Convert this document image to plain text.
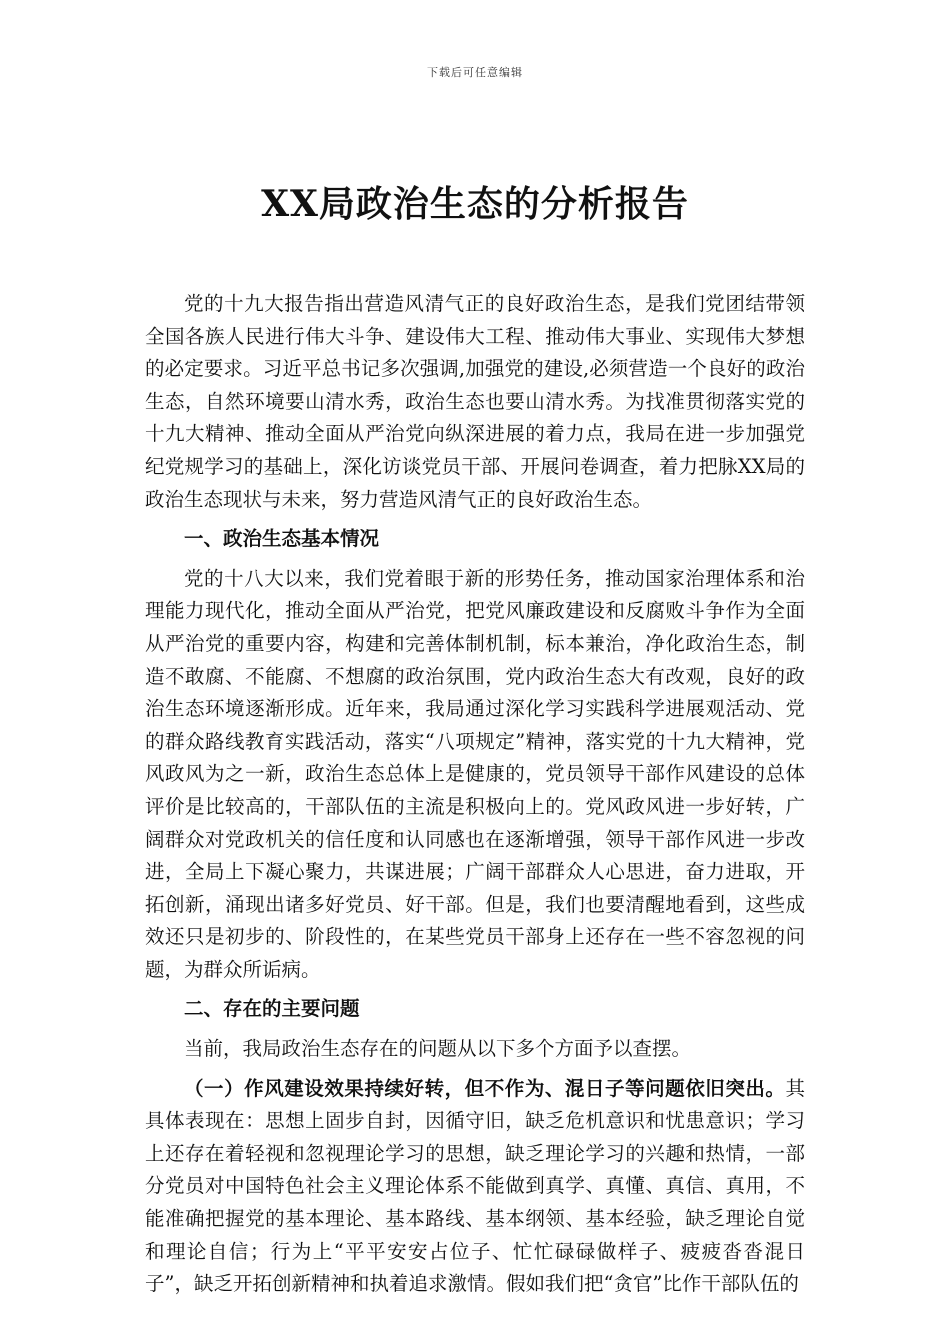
下载后可任意编辑
XX局政治生态的分析报告

党的十九大报告指出营造风清气正的良好政治生态，是我们党团结带领全国各族人民进行伟大斗争、建设伟大工程、推动伟大事业、实现伟大梦想的必定要求。习近平总书记多次强调,加强党的建设,必须营造一个良好的政治生态，自然环境要山清水秀，政治生态也要山清水秀。为找准贯彻落实党的十九大精神、推动全面从严治党向纵深进展的着力点，我局在进一步加强党纪党规学习的基础上，深化访谈党员干部、开展问卷调查，着力把脉XX局的政治生态现状与未来，努力营造风清气正的良好政治生态。

一、政治生态基本情况

党的十八大以来，我们党着眼于新的形势任务，推动国家治理体系和治理能力现代化，推动全面从严治党，把党风廉政建设和反腐败斗争作为全面从严治党的重要内容，构建和完善体制机制，标本兼治，净化政治生态，制造不敢腐、不能腐、不想腐的政治氛围，党内政治生态大有改观，良好的政治生态环境逐渐形成。近年来，我局通过深化学习实践科学进展观活动、党的群众路线教育实践活动，落实“八项规定”精神，落实党的十九大精神，党风政风为之一新，政治生态总体上是健康的，党员领导干部作风建设的总体评价是比较高的，干部队伍的主流是积极向上的。党风政风进一步好转，广阔群众对党政机关的信任度和认同感也在逐渐增强，领导干部作风进一步改进，全局上下凝心聚力，共谋进展；广阔干部群众人心思进，奋力进取，开拓创新，涌现出诸多好党员、好干部。但是，我们也要清醒地看到，这些成效还只是初步的、阶段性的，在某些党员干部身上还存在一些不容忽视的问题，为群众所诟病。

二、存在的主要问题

当前，我局政治生态存在的问题从以下多个方面予以查摆。

（一）作风建设效果持续好转，但不作为、混日子等问题依旧突出。其具体表现在：思想上固步自封，因循守旧，缺乏危机意识和忧患意识；学习上还存在着轻视和忽视理论学习的思想，缺乏理论学习的兴趣和热情，一部分党员对中国特色社会主义理论体系不能做到真学、真懂、真信、真用，不能准确把握党的基本理论、基本路线、基本纲领、基本经验，缺乏理论自觉和理论自信；行为上“平平安安占位子、忙忙碌碌做样子、疲疲沓沓混日子”，缺乏开拓创新精神和执着追求激情。假如我们把“贪官”比作干部队伍的
